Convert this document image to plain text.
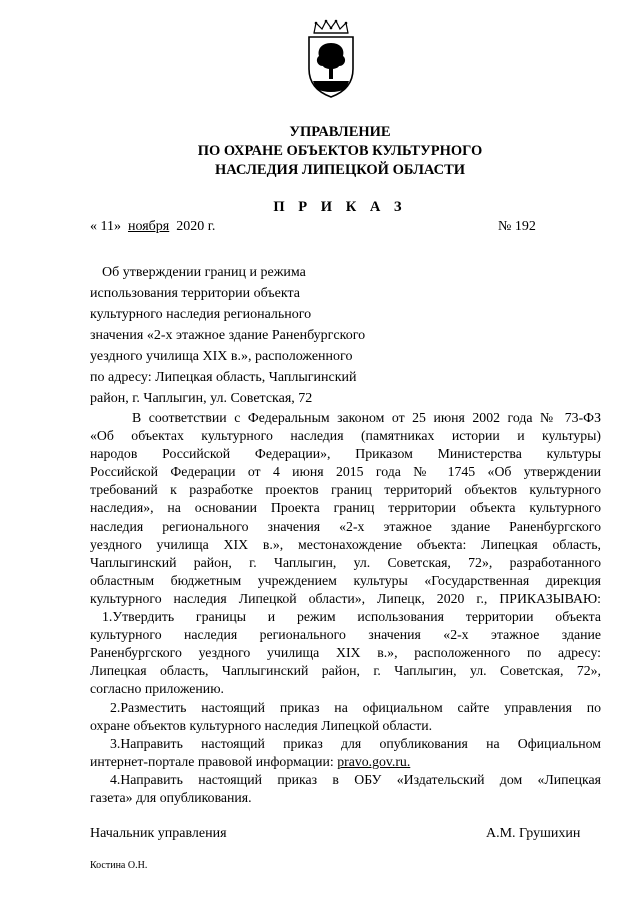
УПРАВЛЕНИЕ
ПО ОХРАНЕ ОБЪЕКТОВ КУЛЬТУРНОГО
НАСЛЕДИЯ ЛИПЕЦКОЙ ОБЛАСТИ
П Р И К А З
« 11» ноября 2020 г.	№ 192
Об утверждении границ и режима
использования территории объекта
культурного наследия регионального
значения «2-х этажное здание Раненбургского
уездного училища XIX в.», расположенного
по адресу: Липецкая область, Чаплыгинский
район, г. Чаплыгин, ул. Советская, 72
В соответствии с Федеральным законом от 25 июня 2002 года № 73-ФЗ
«Об объектах культурного наследия (памятниках истории и культуры)
народов Российской Федерации», Приказом Министерства культуры
Российской Федерации от 4 июня 2015 года № 1745 «Об утверждении
требований к разработке проектов границ территорий объектов культурного
наследия», на основании Проекта границ территории объекта культурного
наследия регионального значения «2-х этажное здание Раненбургского
уездного училища XIX в.», местонахождение объекта: Липецкая область,
Чаплыгинский район, г. Чаплыгин, ул. Советская, 72», разработанного
областным бюджетным учреждением культуры «Государственная дирекция
культурного наследия Липецкой области», Липецк, 2020 г., ПРИКАЗЫВАЮ:
1.Утвердить границы и режим использования территории объекта
культурного наследия регионального значения «2-х этажное здание
Раненбургского уездного училища XIX в.», расположенного по адресу:
Липецкая область, Чаплыгинский район, г. Чаплыгин, ул. Советская, 72»,
согласно приложению.
2.Разместить настоящий приказ на официальном сайте управления по
охране объектов культурного наследия Липецкой области.
3.Направить настоящий приказ для опубликования на Официальном
интернет-портале правовой информации: pravo.gov.ru.
4.Направить настоящий приказ в ОБУ «Издательский дом «Липецкая
газета» для опубликования.
Начальник управления	А.М. Грушихин
Костина О.Н.
